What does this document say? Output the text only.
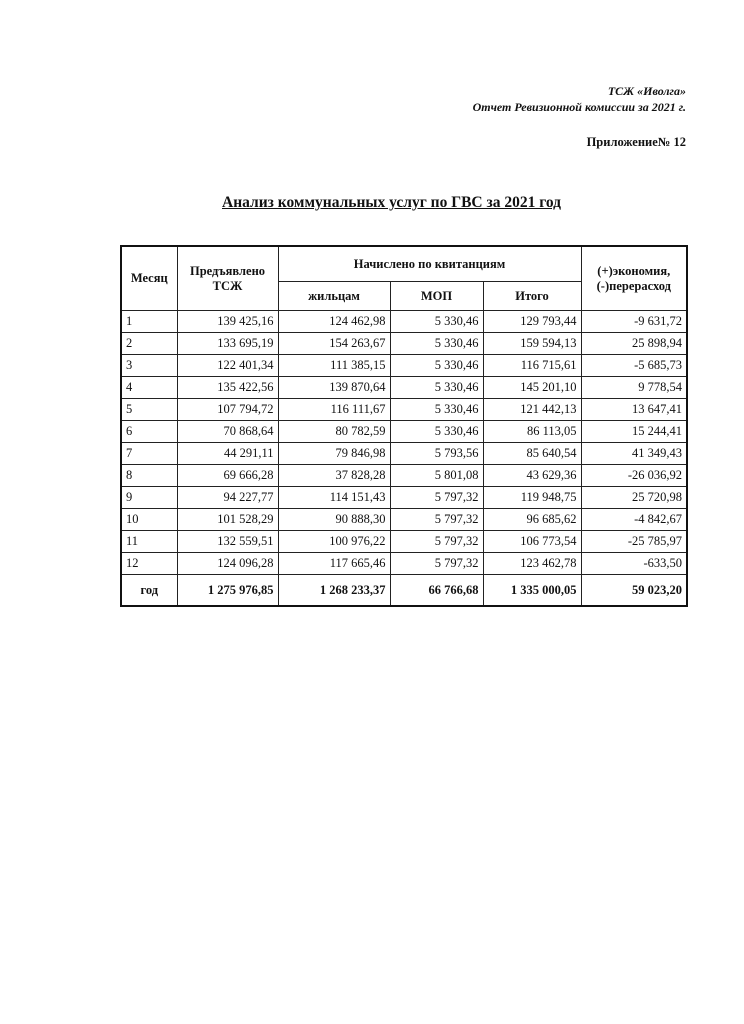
ТСЖ «Иволга»
Отчет Ревизионной комиссии за 2021 г.
Приложение№ 12
Анализ коммунальных услуг по ГВС за 2021 год
Месяц	Предъявлено ТСЖ	Начислено по квитанциям			(+)экономия, (-)перерасход
		жильцам	МОП	Итого	
1	139 425,16	124 462,98	5 330,46	129 793,44	-9 631,72
2	133 695,19	154 263,67	5 330,46	159 594,13	25 898,94
3	122 401,34	111 385,15	5 330,46	116 715,61	-5 685,73
4	135 422,56	139 870,64	5 330,46	145 201,10	9 778,54
5	107 794,72	116 111,67	5 330,46	121 442,13	13 647,41
6	70 868,64	80 782,59	5 330,46	86 113,05	15 244,41
7	44 291,11	79 846,98	5 793,56	85 640,54	41 349,43
8	69 666,28	37 828,28	5 801,08	43 629,36	-26 036,92
9	94 227,77	114 151,43	5 797,32	119 948,75	25 720,98
10	101 528,29	90 888,30	5 797,32	96 685,62	-4 842,67
11	132 559,51	100 976,22	5 797,32	106 773,54	-25 785,97
12	124 096,28	117 665,46	5 797,32	123 462,78	-633,50
год	1 275 976,85	1 268 233,37	66 766,68	1 335 000,05	59 023,20
